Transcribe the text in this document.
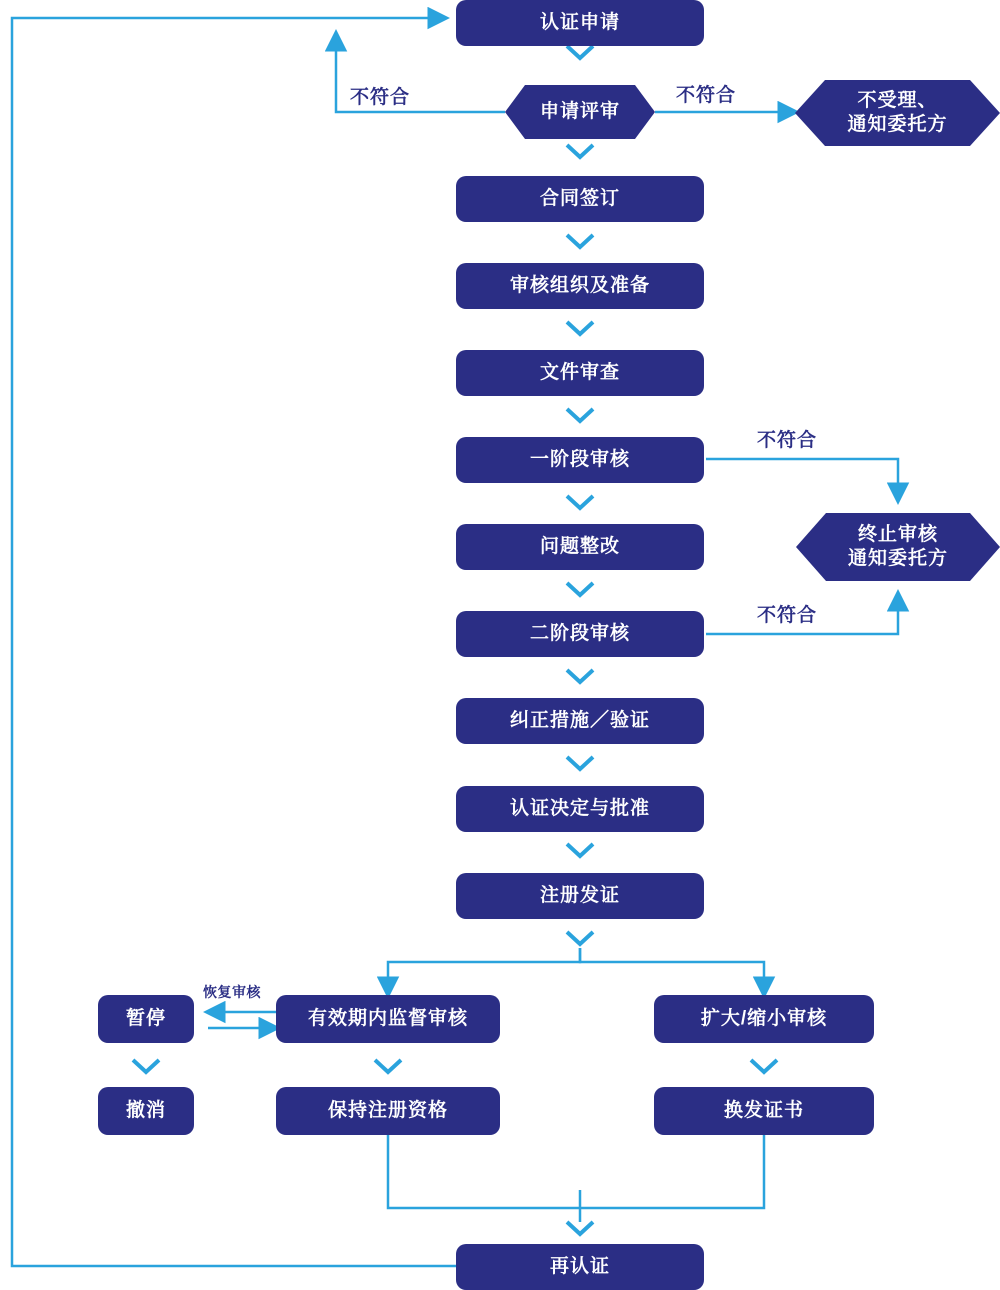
认证申请
申请评审
不受理、
通知委托方
合同签订
审核组织及准备
文件审查
一阶段审核
问题整改
二阶段审核
终止审核
通知委托方
纠正措施／验证
认证决定与批准
注册发证
暂停	有效期内监督审核	扩大/缩小审核
撤消	保持注册资格	换发证书
再认证
不符合	不符合
不符合
不符合
恢复审核
